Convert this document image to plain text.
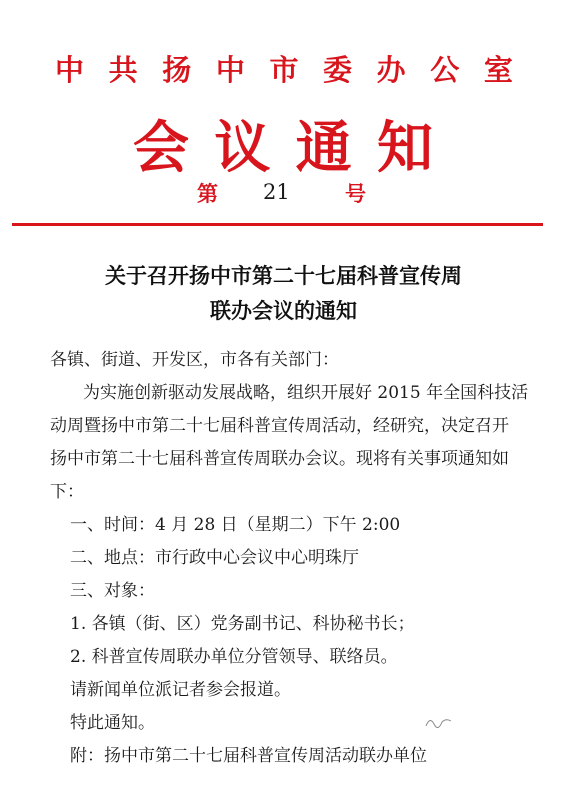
中 共 扬 中 市 委 办 公 室
会 议 通 知
第 21	号
关于召开扬中市第二十七届科普宣传周
联办会议的通知
各镇、街道、开发区，市各有关部门：
为实施创新驱动发展战略，组织开展好 2015 年全国科技活
动周暨扬中市第二十七届科普宣传周活动，经研究，决定召开
扬中市第二十七届科普宣传周联办会议。现将有关事项通知如
下：
一、时间：4 月 28 日（星期二）下午 2:00
二、地点：市行政中心会议中心明珠厅
三、对象：
1. 各镇（街、区）党务副书记、科协秘书长；
2. 科普宣传周联办单位分管领导、联络员。
请新闻单位派记者参会报道。
特此通知。
附：扬中市第二十七届科普宣传周活动联办单位
